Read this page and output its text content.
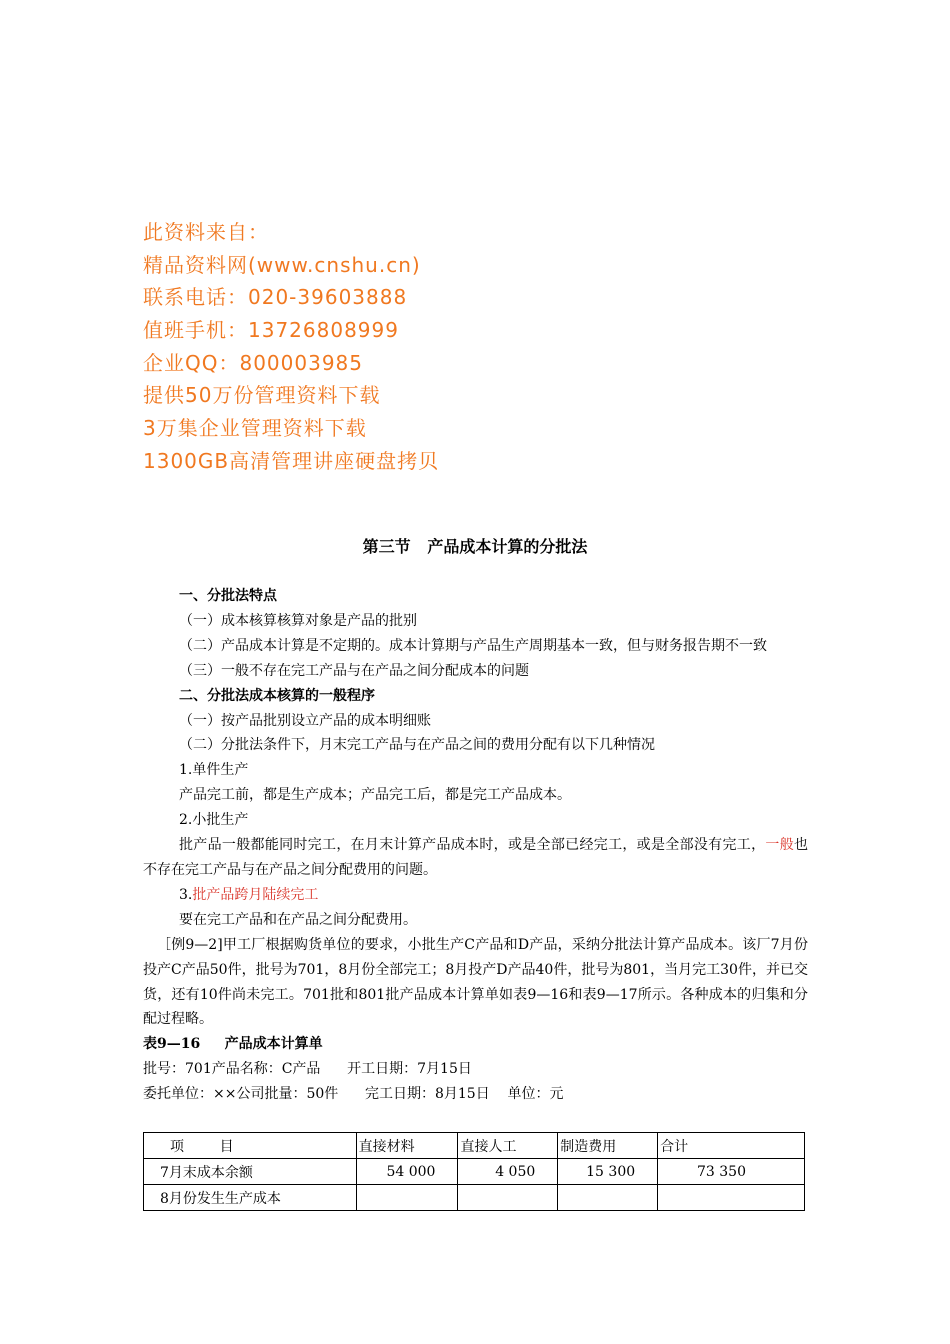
此资料来自：
精品资料网(www.cnshu.cn)
联系电话：020-39603888
值班手机：13726808999
企业QQ：800003985
提供50万份管理资料下载
3万集企业管理资料下载
1300GB高清管理讲座硬盘拷贝
第三节   产品成本计算的分批法

一、分批法特点

（一）成本核算核算对象是产品的批别

（二）产品成本计算是不定期的。成本计算期与产品生产周期基本一致，但与财务报告期不一致

（三）一般不存在完工产品与在产品之间分配成本的问题

二、分批法成本核算的一般程序

（一）按产品批别设立产品的成本明细账

（二）分批法条件下，月末完工产品与在产品之间的费用分配有以下几种情况

1.单件生产

产品完工前，都是生产成本；产品完工后，都是完工产品成本。

2.小批生产

批产品一般都能同时完工，在月末计算产品成本时，或是全部已经完工，或是全部没有完工，一般也不存在完工产品与在产品之间分配费用的问题。

3.批产品跨月陆续完工

要在完工产品和在产品之间分配费用。

［例9—2]甲工厂根据购货单位的要求，小批生产C产品和D产品，采纳分批法计算产品成本。该厂7月份投产C产品50件，批号为701，8月份全部完工；8月投产D产品40件，批号为801，当月完工30件，并已交货，还有10件尚未完工。701批和801批产品成本计算单如表9—16和表9—17所示。各种成本的归集和分配过程略。

表9—16     产品成本计算单

批号：701产品名称：C产品      开工日期：7月15日

委托单位：××公司批量：50件      完工日期：8月15日    单位：元

项        目	直接材料	直接人工	制造费用	合计
7月末成本余额	54 000	4 050	15 300	73 350
8月份发生生产成本				
